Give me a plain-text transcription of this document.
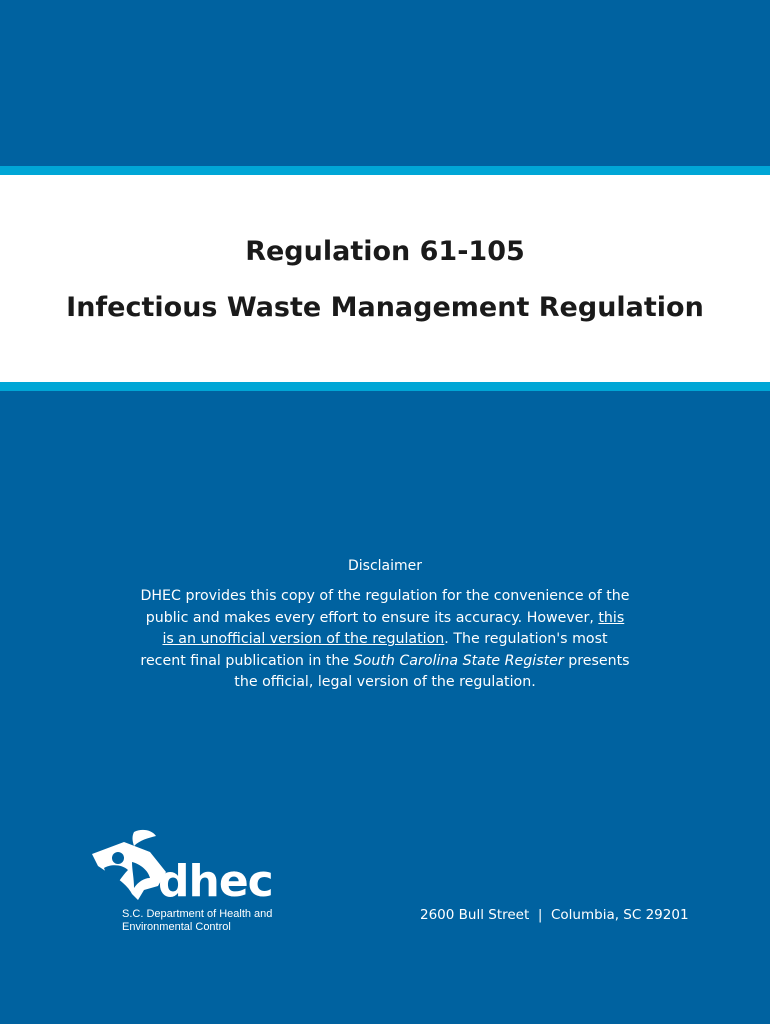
Regulation 61-105
Infectious Waste Management Regulation
Disclaimer
DHEC provides this copy of the regulation for the convenience of the public and makes every effort to ensure its accuracy. However, this is an unofficial version of the regulation. The regulation's most recent final publication in the South Carolina State Register presents the official, legal version of the regulation.
dhec
S.C. Department of Health and
Environmental Control
2600 Bull Street  |  Columbia, SC 29201
